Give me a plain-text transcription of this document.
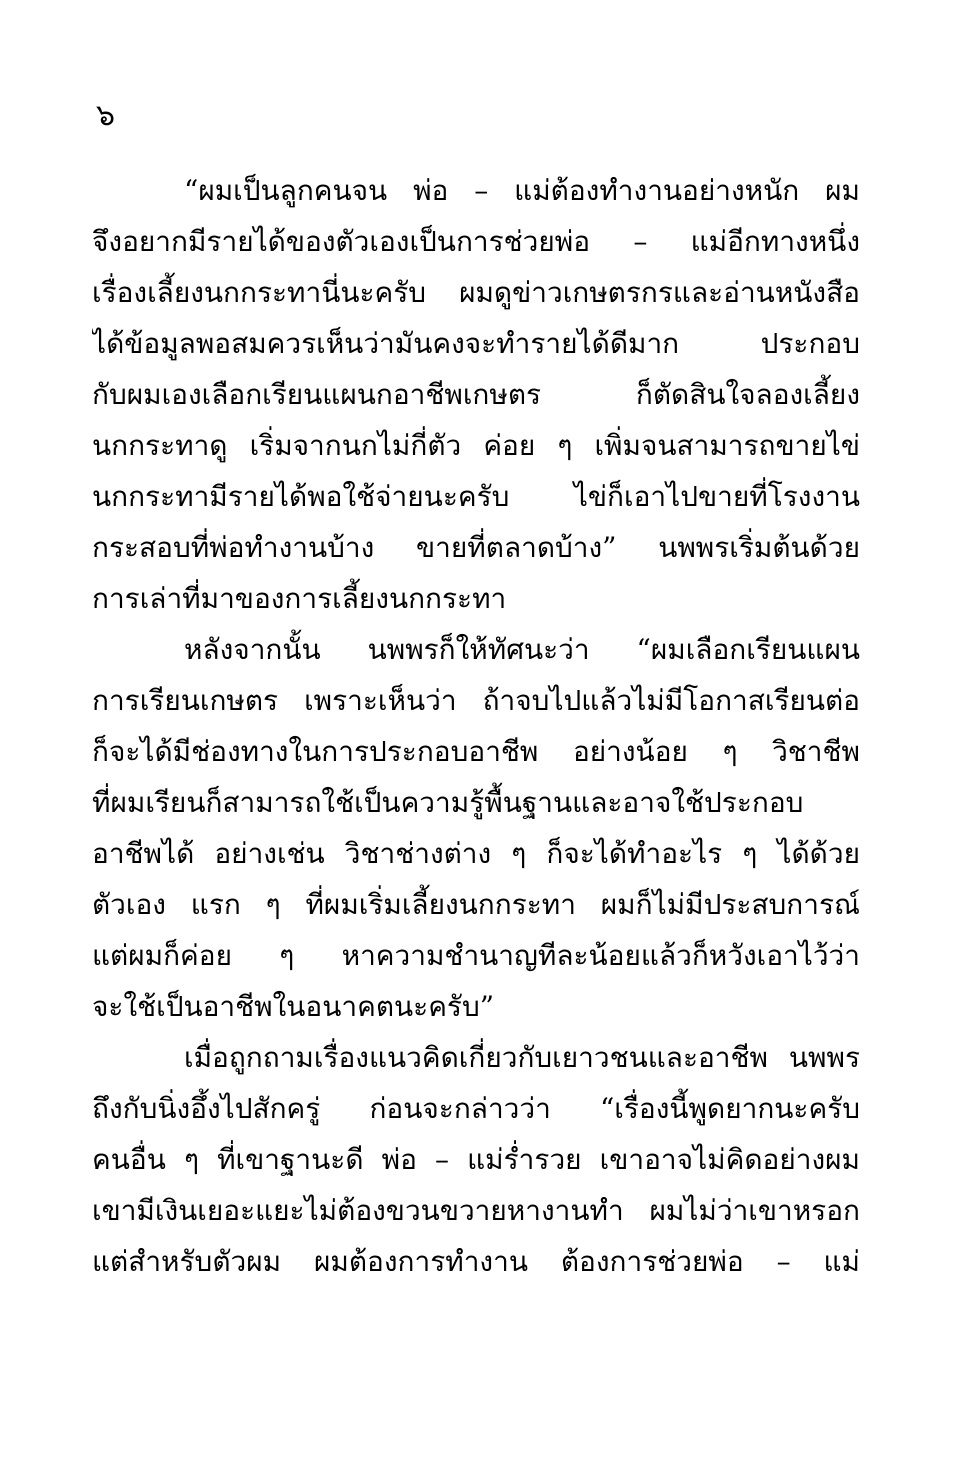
๖
“ผมเป็นลูกคนจน พ่อ – แม่ต้องทำงานอย่างหนัก ผม
จึงอยากมีรายได้ของตัวเองเป็นการช่วยพ่อ – แม่อีกทางหนึ่ง
เรื่องเลี้ยงนกกระทานี่นะครับ ผมดูข่าวเกษตรกรและอ่านหนังสือ
ได้ข้อมูลพอสมควรเห็นว่ามันคงจะทำรายได้ดีมาก ประกอบ
กับผมเองเลือกเรียนแผนกอาชีพเกษตร ก็ตัดสินใจลองเลี้ยง
นกกระทาดู เริ่มจากนกไม่กี่ตัว ค่อย ๆ เพิ่มจนสามารถขายไข่
นกกระทามีรายได้พอใช้จ่ายนะครับ ไข่ก็เอาไปขายที่โรงงาน
กระสอบที่พ่อทำงานบ้าง ขายที่ตลาดบ้าง” นพพรเริ่มต้นด้วย
การเล่าที่มาของการเลี้ยงนกกระทา
หลังจากนั้น นพพรก็ให้ทัศนะว่า “ผมเลือกเรียนแผน
การเรียนเกษตร เพราะเห็นว่า ถ้าจบไปแล้วไม่มีโอกาสเรียนต่อ
ก็จะได้มีช่องทางในการประกอบอาชีพ อย่างน้อย ๆ วิชาชีพ
ที่ผมเรียนก็สามารถใช้เป็นความรู้พื้นฐานและอาจใช้ประกอบ
อาชีพได้ อย่างเช่น วิชาช่างต่าง ๆ ก็จะได้ทำอะไร ๆ ได้ด้วย
ตัวเอง แรก ๆ ที่ผมเริ่มเลี้ยงนกกระทา ผมก็ไม่มีประสบการณ์
แต่ผมก็ค่อย ๆ หาความชำนาญทีละน้อยแล้วก็หวังเอาไว้ว่า
จะใช้เป็นอาชีพในอนาคตนะครับ”
เมื่อถูกถามเรื่องแนวคิดเกี่ยวกับเยาวชนและอาชีพ นพพร
ถึงกับนิ่งอึ้งไปสักครู่ ก่อนจะกล่าวว่า “เรื่องนี้พูดยากนะครับ
คนอื่น ๆ ที่เขาฐานะดี พ่อ – แม่ร่ำรวย เขาอาจไม่คิดอย่างผม
เขามีเงินเยอะแยะไม่ต้องขวนขวายหางานทำ ผมไม่ว่าเขาหรอก
แต่สำหรับตัวผม ผมต้องการทำงาน ต้องการช่วยพ่อ – แม่
